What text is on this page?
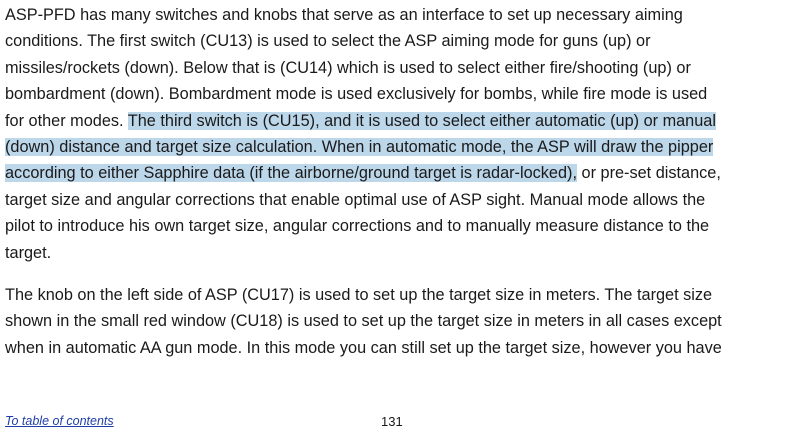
ASP-PFD has many switches and knobs that serve as an interface to set up necessary aiming
conditions. The first switch (CU13) is used to select the ASP aiming mode for guns (up) or
missiles/rockets (down). Below that is (CU14) which is used to select either fire/shooting (up) or
bombardment (down). Bombardment mode is used exclusively for bombs, while fire mode is used
for other modes. The third switch is (CU15), and it is used to select either automatic (up) or manual
(down) distance and target size calculation. When in automatic mode, the ASP will draw the pipper
according to either Sapphire data (if the airborne/ground target is radar-locked), or pre-set distance,
target size and angular corrections that enable optimal use of ASP sight. Manual mode allows the
pilot to introduce his own target size, angular corrections and to manually measure distance to the
target.

The knob on the left side of ASP (CU17) is used to set up the target size in meters. The target size
shown in the small red window (CU18) is used to set up the target size in meters in all cases except
when in automatic AA gun mode. In this mode you can still set up the target size, however you have

To table of contents	131
